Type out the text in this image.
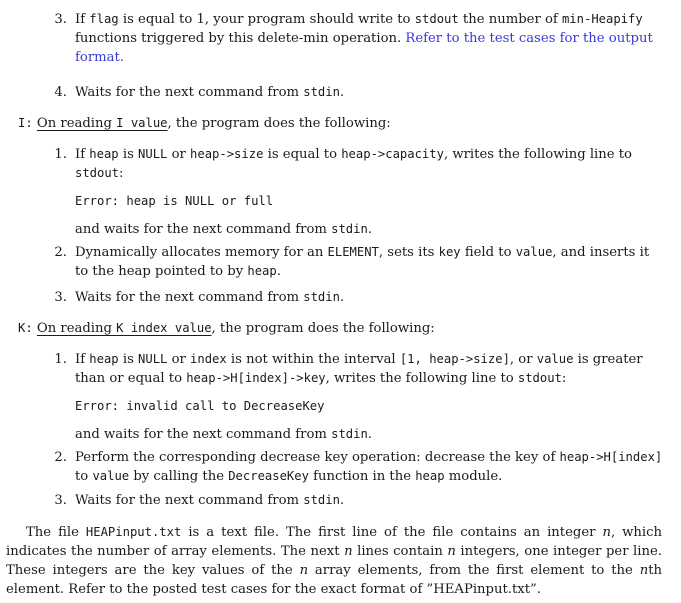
3. If flag is equal to 1, your program should write to stdout the number of min-Heapify functions triggered by this delete-min operation. Refer to the test cases for the output format.
4. Waits for the next command from stdin.
I: On reading I value, the program does the following:
1. If heap is NULL or heap->size is equal to heap->capacity, writes the following line to
stdout:
Error: heap is NULL or full
and waits for the next command from stdin.
2. Dynamically allocates memory for an ELEMENT, sets its key field to value, and inserts it to the heap pointed to by heap.
3. Waits for the next command from stdin.
K: On reading K index value, the program does the following:
1. If heap is NULL or index is not within the interval [1, heap->size], or value is greater than or equal to heap->H[index]->key, writes the following line to stdout:
Error: invalid call to DecreaseKey
and waits for the next command from stdin.
2. Perform the corresponding decrease key operation: decrease the key of heap->H[index] to value by calling the DecreaseKey function in the heap module.
3. Waits for the next command from stdin.
The file HEAPinput.txt is a text file. The first line of the file contains an integer n, which indicates the number of array elements. The next n lines contain n integers, one integer per line. These integers are the key values of the n array elements, from the first element to the nth element. Refer to the posted test cases for the exact format of ”HEAPinput.txt”.
